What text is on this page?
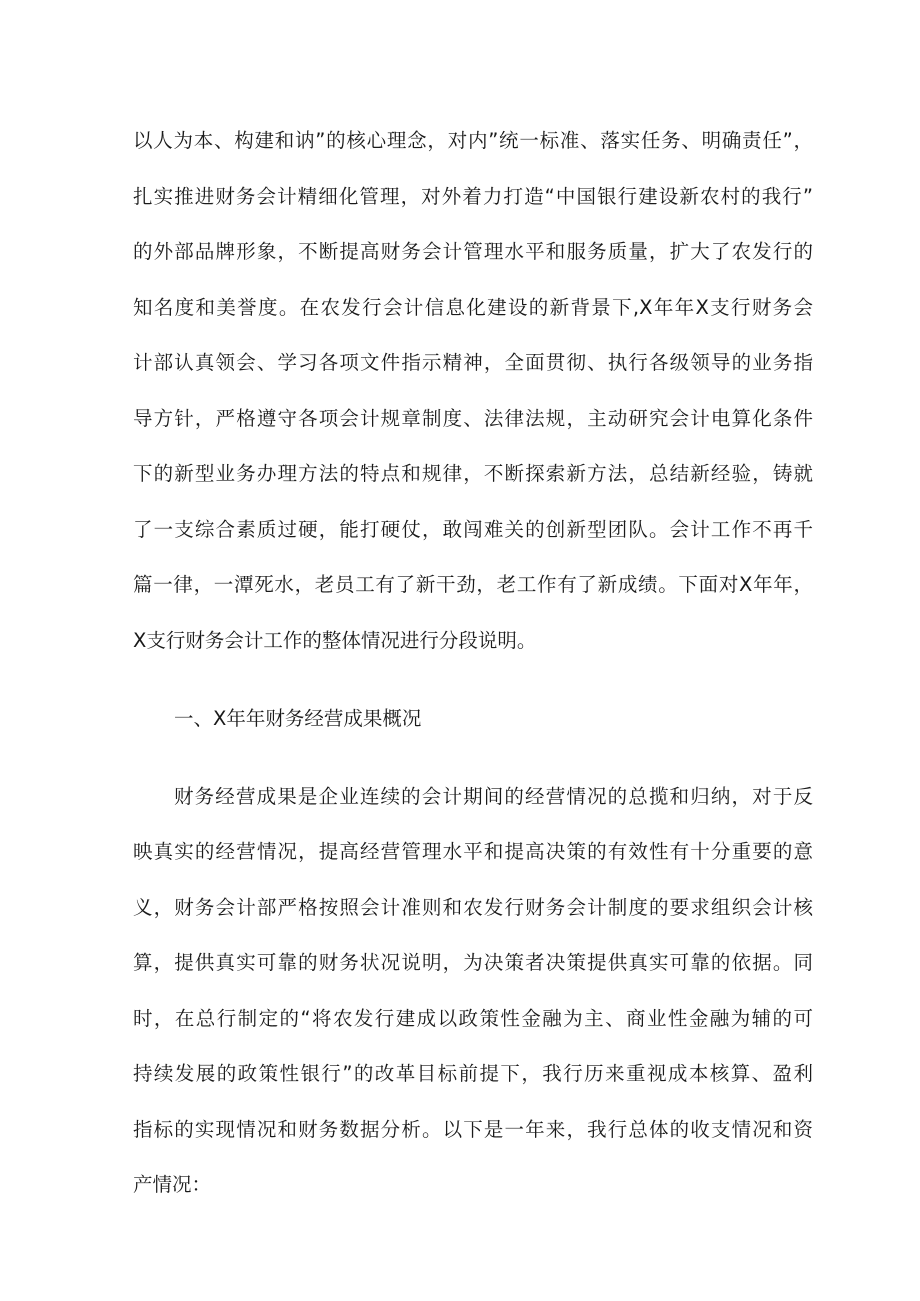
以人为本、构建和讷”的核心理念，对内”统一标准、落实任务、明确责任”，
扎实推进财务会计精细化管理，对外着力打造“中国银行建设新农村的我行”
的外部品牌形象，不断提高财务会计管理水平和服务质量，扩大了农发行的
知名度和美誉度。在农发行会计信息化建设的新背景下,X年年X支行财务会
计部认真领会、学习各项文件指示精神，全面贯彻、执行各级领导的业务指
导方针，严格遵守各项会计规章制度、法律法规，主动研究会计电算化条件
下的新型业务办理方法的特点和规律，不断探索新方法，总结新经验，铸就
了一支综合素质过硬，能打硬仗，敢闯难关的创新型团队。会计工作不再千
篇一律，一潭死水，老员工有了新干劲，老工作有了新成绩。下面对X年年，
X支行财务会计工作的整体情况进行分段说明。
一、X年年财务经营成果概况
财务经营成果是企业连续的会计期间的经营情况的总揽和归纳，对于反
映真实的经营情况，提高经营管理水平和提高决策的有效性有十分重要的意
义，财务会计部严格按照会计准则和农发行财务会计制度的要求组织会计核
算，提供真实可靠的财务状况说明，为决策者决策提供真实可靠的依据。同
时，在总行制定的“将农发行建成以政策性金融为主、商业性金融为辅的可
持续发展的政策性银行”的改革目标前提下，我行历来重视成本核算、盈利
指标的实现情况和财务数据分析。以下是一年来，我行总体的收支情况和资
产情况：
